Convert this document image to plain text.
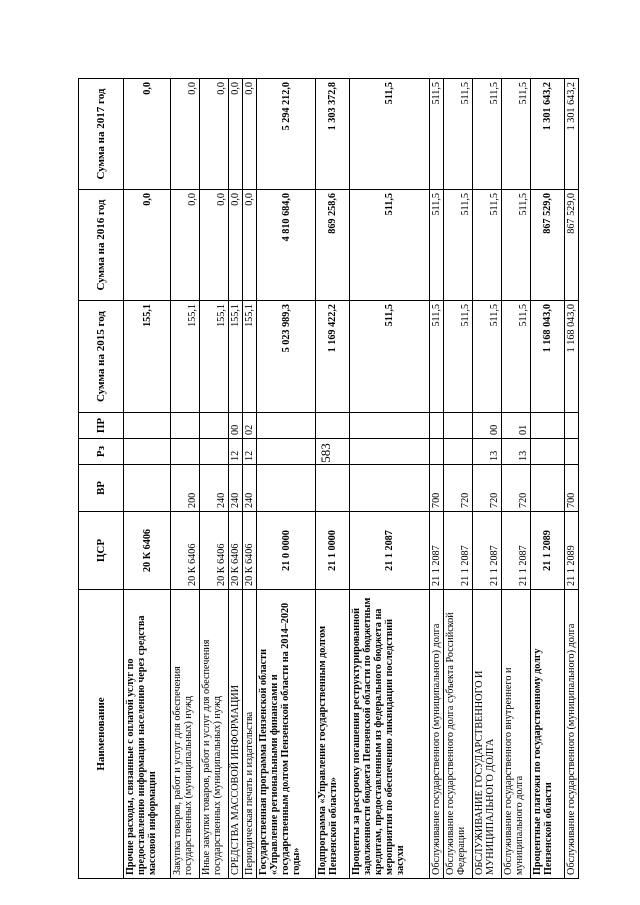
583
Наименование	ЦСР	ВР	Рз	ПР	Сумма на 2015 год	Сумма на 2016 год	Сумма на 2017 год
Прочие расходы, связанные с оплатой услуг по предоставлению информации населению через средства массовой информации	20 К 6406				155,1	0,0	0,0
Закупка товаров, работ и услуг для обеспечения государственных (муниципальных) нужд	20 К 6406	200			155,1	0,0	0,0
Иные закупки товаров, работ и услуг для обеспечения государственных (муниципальных) нужд	20 К 6406	240			155,1	0,0	0,0
СРЕДСТВА МАССОВОЙ ИНФОРМАЦИИ	20 К 6406	240	12	00	155,1	0,0	0,0
Периодическая печать и издательства	20 К 6406	240	12	02	155,1	0,0	0,0
Государственная программа Пензенской области «Управление региональными финансами и государственным долгом Пензенской области на 2014–2020 годы»	21 0 0000				5 023 989,3	4 810 684,0	5 294 212,0
Подпрограмма «Управление государственным долгом Пензенской области»	21 1 0000				1 169 422,2	869 258,6	1 303 372,8
Проценты за рассрочку погашения реструктурированной задолженности бюджета Пензенской области по бюджетным кредитам, предоставленным из федерального бюджета на мероприятия по обеспечению ликвидации последствий засухи	21 1 2087				511,5	511,5	511,5
Обслуживание государственного (муниципального) долга	21 1 2087	700			511,5	511,5	511,5
Обслуживание государственного долга субъекта Российской Федерации	21 1 2087	720			511,5	511,5	511,5
ОБСЛУЖИВАНИЕ ГОСУДАРСТВЕННОГО И МУНИЦИПАЛЬНОГО ДОЛГА	21 1 2087	720	13	00	511,5	511,5	511,5
Обслуживание государственного внутреннего и муниципального долга	21 1 2087	720	13	01	511,5	511,5	511,5
Процентные платежи по государственному долгу Пензенской области	21 1 2089				1 168 043,0	867 529,0	1 301 643,2
Обслуживание государственного (муниципального) долга	21 1 2089	700			1 168 043,0	867 529,0	1 301 643,2
